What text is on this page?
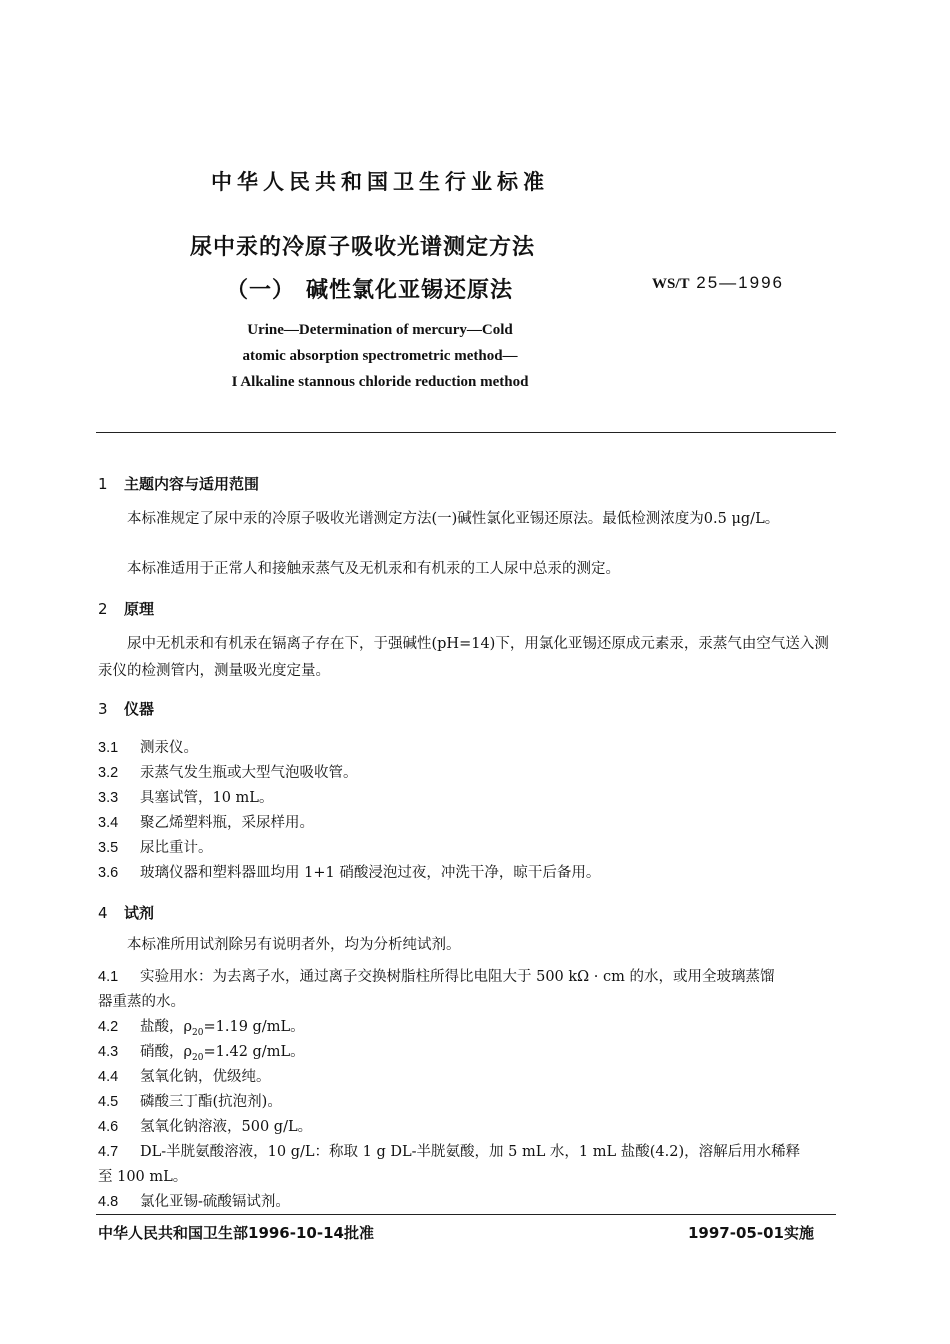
中华人民共和国卫生行业标准
尿中汞的冷原子吸收光谱测定方法
（一） 碱性氯化亚锡还原法	WS/T 25—1996
Urine—Determination of mercury—Cold
atomic absorption spectrometric method—
I Alkaline stannous chloride reduction method
1 主题内容与适用范围
本标准规定了尿中汞的冷原子吸收光谱测定方法(一)碱性氯化亚锡还原法。最低检测浓度为0.5 μg/L。
本标准适用于正常人和接触汞蒸气及无机汞和有机汞的工人尿中总汞的测定。
2 原理
尿中无机汞和有机汞在镉离子存在下，于强碱性(pH=14)下，用氯化亚锡还原成元素汞，汞蒸气由空气送入测汞仪的检测管内，测量吸光度定量。
3 仪器
3.1 测汞仪。
3.2 汞蒸气发生瓶或大型气泡吸收管。
3.3 具塞试管，10 mL。
3.4 聚乙烯塑料瓶，采尿样用。
3.5 尿比重计。
3.6 玻璃仪器和塑料器皿均用 1+1 硝酸浸泡过夜，冲洗干净，晾干后备用。
4 试剂
本标准所用试剂除另有说明者外，均为分析纯试剂。
4.1 实验用水：为去离子水，通过离子交换树脂柱所得比电阻大于 500 kΩ · cm 的水，或用全玻璃蒸馏
器重蒸的水。
4.2 盐酸，$\rho_{20}=1.19$ g/mL。
4.3 硝酸，$\rho_{20}=1.42$ g/mL。
4.4 氢氧化钠，优级纯。
4.5 磷酸三丁酯(抗泡剂)。
4.6 氢氧化钠溶液，500 g/L。
4.7 DL-半胱氨酸溶液，10 g/L：称取 1 g DL-半胱氨酸，加 5 mL 水，1 mL 盐酸(4.2)，溶解后用水稀释
至 100 mL。
4.8 氯化亚锡-硫酸镉试剂。
中华人民共和国卫生部1996-10-14批准	1997-05-01实施
